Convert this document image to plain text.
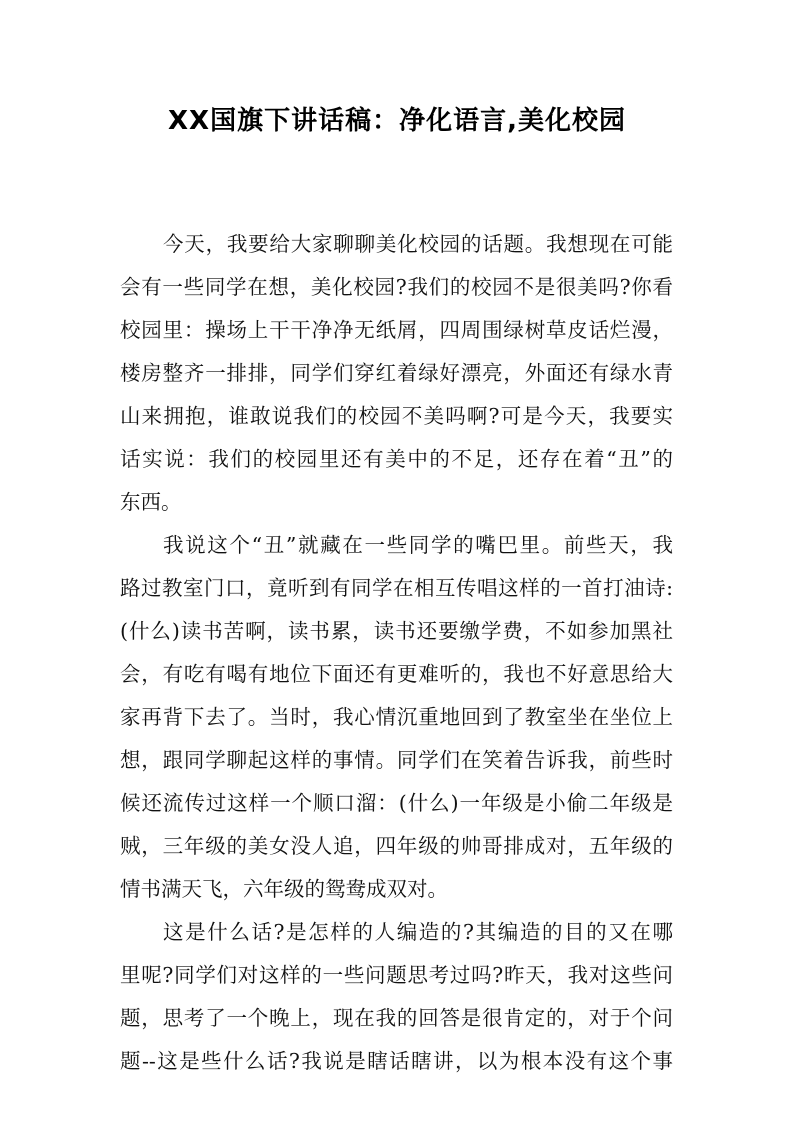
XX国旗下讲话稿：净化语言,美化校园
今天，我要给大家聊聊美化校园的话题。我想现在可能
会有一些同学在想，美化校园?我们的校园不是很美吗?你看
校园里：操场上干干净净无纸屑，四周围绿树草皮话烂漫，
楼房整齐一排排，同学们穿红着绿好漂亮，外面还有绿水青
山来拥抱，谁敢说我们的校园不美吗啊?可是今天，我要实
话实说：我们的校园里还有美中的不足，还存在着“丑”的
东西。
我说这个“丑”就藏在一些同学的嘴巴里。前些天，我
路过教室门口，竟听到有同学在相互传唱这样的一首打油诗:
(什么)读书苦啊，读书累，读书还要缴学费，不如参加黑社
会，有吃有喝有地位下面还有更难听的，我也不好意思给大
家再背下去了。当时，我心情沉重地回到了教室坐在坐位上
想，跟同学聊起这样的事情。同学们在笑着告诉我，前些时
候还流传过这样一个顺口溜：(什么)一年级是小偷二年级是
贼，三年级的美女没人追，四年级的帅哥排成对，五年级的
情书满天飞，六年级的鸳鸯成双对。
这是什么话?是怎样的人编造的?其编造的目的又在哪
里呢?同学们对这样的一些问题思考过吗?昨天，我对这些问
题，思考了一个晚上，现在我的回答是很肯定的，对于个问
题--这是些什么话?我说是瞎话瞎讲，以为根本没有这个事
